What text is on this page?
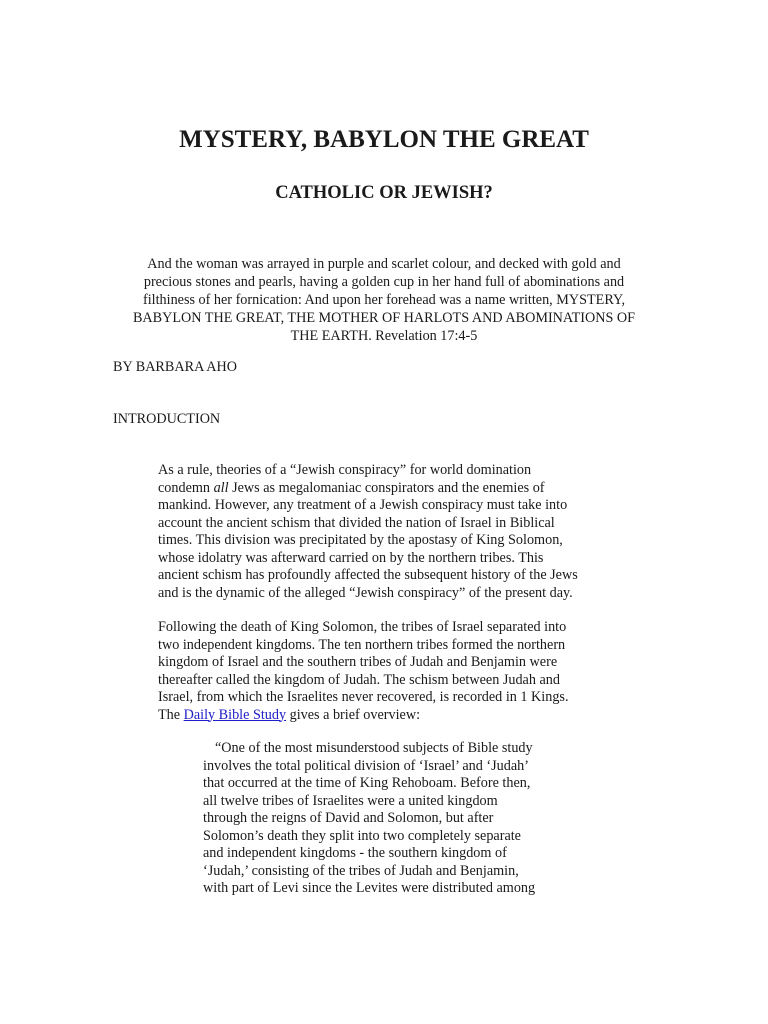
MYSTERY, BABYLON THE GREAT
CATHOLIC OR JEWISH?

And the woman was arrayed in purple and scarlet colour, and decked with gold and
precious stones and pearls, having a golden cup in her hand full of abominations and
filthiness of her fornication: And upon her forehead was a name written, MYSTERY,
BABYLON THE GREAT, THE MOTHER OF HARLOTS AND ABOMINATIONS OF
THE EARTH. Revelation 17:4-5

BY BARBARA AHO

INTRODUCTION

As a rule, theories of a “Jewish conspiracy” for world domination
condemn all Jews as megalomaniac conspirators and the enemies of
mankind. However, any treatment of a Jewish conspiracy must take into
account the ancient schism that divided the nation of Israel in Biblical
times. This division was precipitated by the apostasy of King Solomon,
whose idolatry was afterward carried on by the northern tribes. This
ancient schism has profoundly affected the subsequent history of the Jews
and is the dynamic of the alleged “Jewish conspiracy” of the present day.

Following the death of King Solomon, the tribes of Israel separated into
two independent kingdoms. The ten northern tribes formed the northern
kingdom of Israel and the southern tribes of Judah and Benjamin were
thereafter called the kingdom of Judah. The schism between Judah and
Israel, from which the Israelites never recovered, is recorded in 1 Kings.
The Daily Bible Study gives a brief overview:

“One of the most misunderstood subjects of Bible study
involves the total political division of ‘Israel’ and ‘Judah’
that occurred at the time of King Rehoboam. Before then,
all twelve tribes of Israelites were a united kingdom
through the reigns of David and Solomon, but after
Solomon’s death they split into two completely separate
and independent kingdoms - the southern kingdom of
‘Judah,’ consisting of the tribes of Judah and Benjamin,
with part of Levi since the Levites were distributed among
